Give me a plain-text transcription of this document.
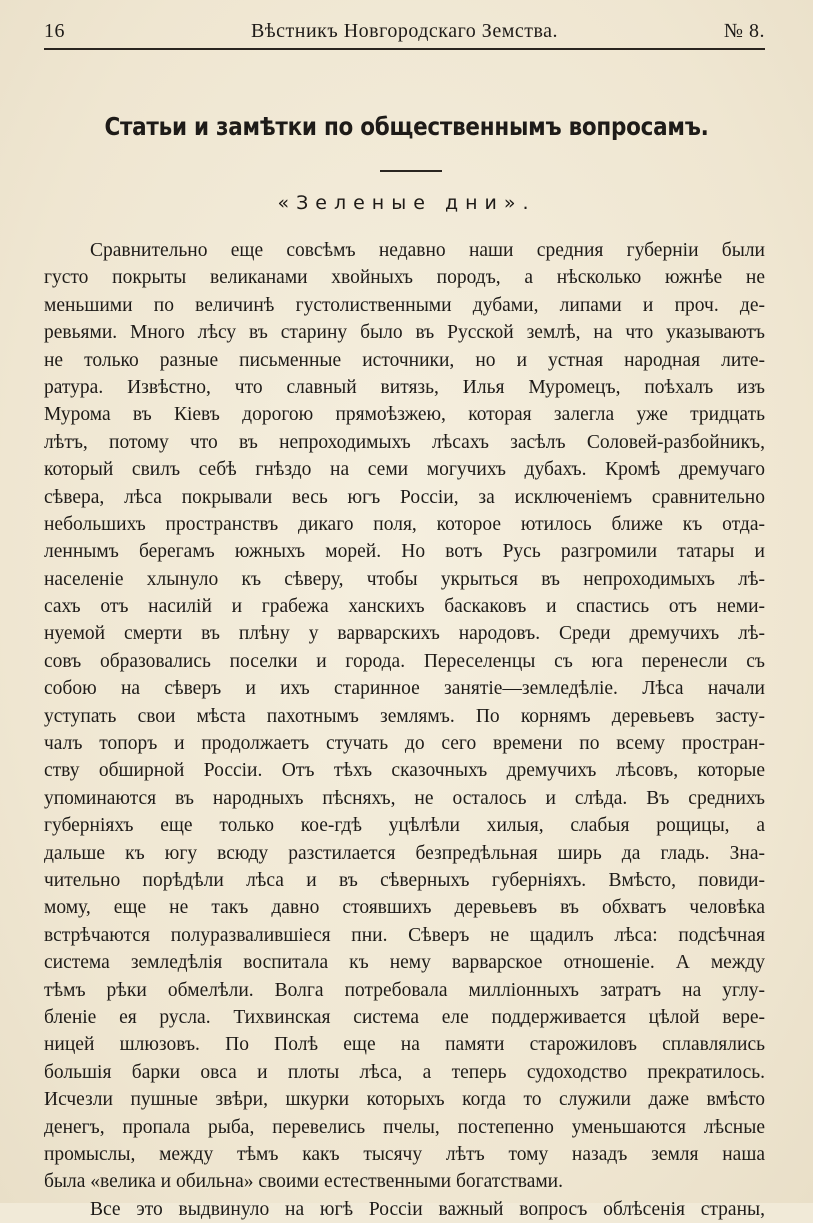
16	Вѣстникъ Новгородскаго Земства.	№ 8.
Статьи и замѣтки по общественнымъ вопросамъ.
«Зеленые дни».
Сравнительно еще совсѣмъ недавно наши средния губерніи были
густо покрыты великанами хвойныхъ породъ, а нѣсколько южнѣе не
меньшими по величинѣ густолиственными дубами, липами и проч. де-
ревьями. Много лѣсу въ старину было въ Русской землѣ, на что указываютъ
не только разные письменные источники, но и устная народная лите-
ратура. Извѣстно, что славный витязь, Илья Муромецъ, поѣхалъ изъ
Мурома въ Кіевъ дорогою прямоѣзжею, которая залегла уже тридцать
лѣтъ, потому что въ непроходимыхъ лѣсахъ засѣлъ Соловей-разбойникъ,
который свилъ себѣ гнѣздо на семи могучихъ дубахъ. Кромѣ дремучаго
сѣвера, лѣса покрывали весь югъ Россіи, за исключеніемъ сравнительно
небольшихъ пространствъ дикаго поля, которое ютилось ближе къ отда-
леннымъ берегамъ южныхъ морей. Но вотъ Русь разгромили татары и
населеніе хлынуло къ сѣверу, чтобы укрыться въ непроходимыхъ лѣ-
сахъ отъ насилій и грабежа ханскихъ баскаковъ и спастись отъ неми-
нуемой смерти въ плѣну у варварскихъ народовъ. Среди дремучихъ лѣ-
совъ образовались поселки и города. Переселенцы съ юга перенесли съ
собою на сѣверъ и ихъ старинное занятіе—земледѣліе. Лѣса начали
уступать свои мѣста пахотнымъ землямъ. По корнямъ деревьевъ засту-
чалъ топоръ и продолжаетъ стучать до сего времени по всему простран-
ству обширной Россіи. Отъ тѣхъ сказочныхъ дремучихъ лѣсовъ, которые
упоминаются въ народныхъ пѣсняхъ, не осталось и слѣда. Въ среднихъ
губерніяхъ еще только кое-гдѣ уцѣлѣли хилыя, слабыя рощицы, а
дальше къ югу всюду разстилается безпредѣльная ширь да гладь. Зна-
чительно порѣдѣли лѣса и въ сѣверныхъ губерніяхъ. Вмѣсто, повиди-
мому, еще не такъ давно стоявшихъ деревьевъ въ обхватъ человѣка
встрѣчаются полуразвалившіеся пни. Сѣверъ не щадилъ лѣса: подсѣчная
система земледѣлія воспитала къ нему варварское отношеніе. А между
тѣмъ рѣки обмелѣли. Волга потребовала милліонныхъ затратъ на углу-
бленіе ея русла. Тихвинская система еле поддерживается цѣлой вере-
ницей шлюзовъ. По Полѣ еще на памяти старожиловъ сплавлялись
большія барки овса и плоты лѣса, а теперь судоходство прекратилось.
Исчезли пушные звѣри, шкурки которыхъ когда то служили даже вмѣсто
денегъ, пропала рыба, перевелись пчелы, постепенно уменьшаются лѣсные
промыслы, между тѣмъ какъ тысячу лѣтъ тому назадъ земля наша
была «велика и обильна» своими естественными богатствами.
Все это выдвинуло на югѣ Россіи важный вопросъ облѣсенія страны,
